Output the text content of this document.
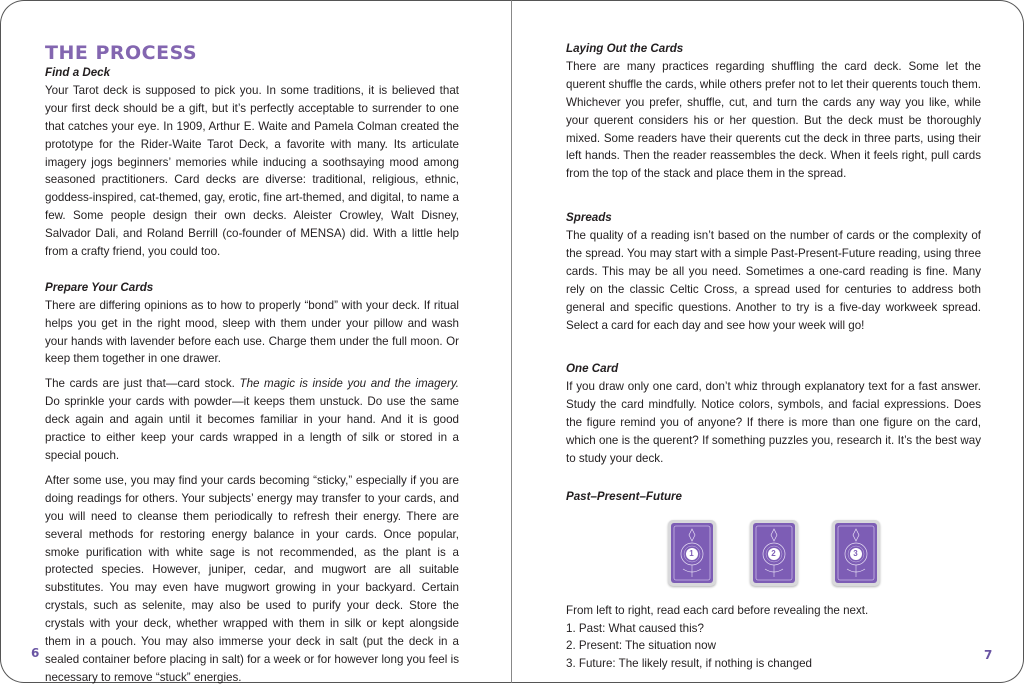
THE PROCESS
Find a Deck

Your Tarot deck is supposed to pick you. In some traditions, it is believed that your first deck should be a gift, but it’s perfectly acceptable to surrender to one that catches your eye. In 1909, Arthur E. Waite and Pamela Colman created the prototype for the Rider-Waite Tarot Deck, a favorite with many. Its articulate imagery jogs beginners’ memories while inducing a soothsaying mood among seasoned practitioners. Card decks are diverse: traditional, religious, ethnic, goddess-inspired, cat-themed, gay, erotic, fine art-themed, and digital, to name a few. Some people design their own decks. Aleister Crowley, Walt Disney, Salvador Dali, and Roland Berrill (co-founder of MENSA) did. With a little help from a crafty friend, you could too.

Prepare Your Cards

There are differing opinions as to how to properly “bond” with your deck. If ritual helps you get in the right mood, sleep with them under your pillow and wash your hands with lavender before each use. Charge them under the full moon. Or keep them together in one drawer.

The cards are just that—card stock. The magic is inside you and the imagery. Do sprinkle your cards with powder—it keeps them unstuck. Do use the same deck again and again until it becomes familiar in your hand. And it is good practice to either keep your cards wrapped in a length of silk or stored in a special pouch.

After some use, you may find your cards becoming “sticky,” especially if you are doing readings for others. Your subjects’ energy may transfer to your cards, and you will need to cleanse them periodically to refresh their energy. There are several methods for restoring energy balance in your cards. Once popular, smoke purification with white sage is not recommended, as the plant is a protected species. However, juniper, cedar, and mugwort are all suitable substitutes. You may even have mugwort growing in your backyard. Certain crystals, such as selenite, may also be used to purify your deck. Store the crystals with your deck, whether wrapped with them in silk or kept alongside them in a pouch. You may also immerse your deck in salt (put the deck in a sealed container before placing in salt) for a week or for however long you feel is necessary to remove “stuck” energies.

6
Laying Out the Cards

There are many practices regarding shuffling the card deck. Some let the querent shuffle the cards, while others prefer not to let their querents touch them. Whichever you prefer, shuffle, cut, and turn the cards any way you like, while your querent considers his or her question. But the deck must be thoroughly mixed. Some readers have their querents cut the deck in three parts, using their left hands. Then the reader reassembles the deck. When it feels right, pull cards from the top of the stack and place them in the spread.

Spreads

The quality of a reading isn’t based on the number of cards or the complexity of the spread. You may start with a simple Past-Present-Future reading, using three cards. This may be all you need. Sometimes a one-card reading is fine. Many rely on the classic Celtic Cross, a spread used for centuries to address both general and specific questions. Another to try is a five-day workweek spread. Select a card for each day and see how your week will go!

One Card

If you draw only one card, don’t whiz through explanatory text for a fast answer. Study the card mindfully. Notice colors, symbols, and facial expressions. Does the figure remind you of anyone? If there is more than one figure on the card, which one is the querent? If something puzzles you, research it. It’s the best way to study your deck.

Past–Present–Future
1	2	3

From left to right, read each card before revealing the next.

1. Past: What caused this?

2. Present: The situation now

3. Future: The likely result, if nothing is changed

7
